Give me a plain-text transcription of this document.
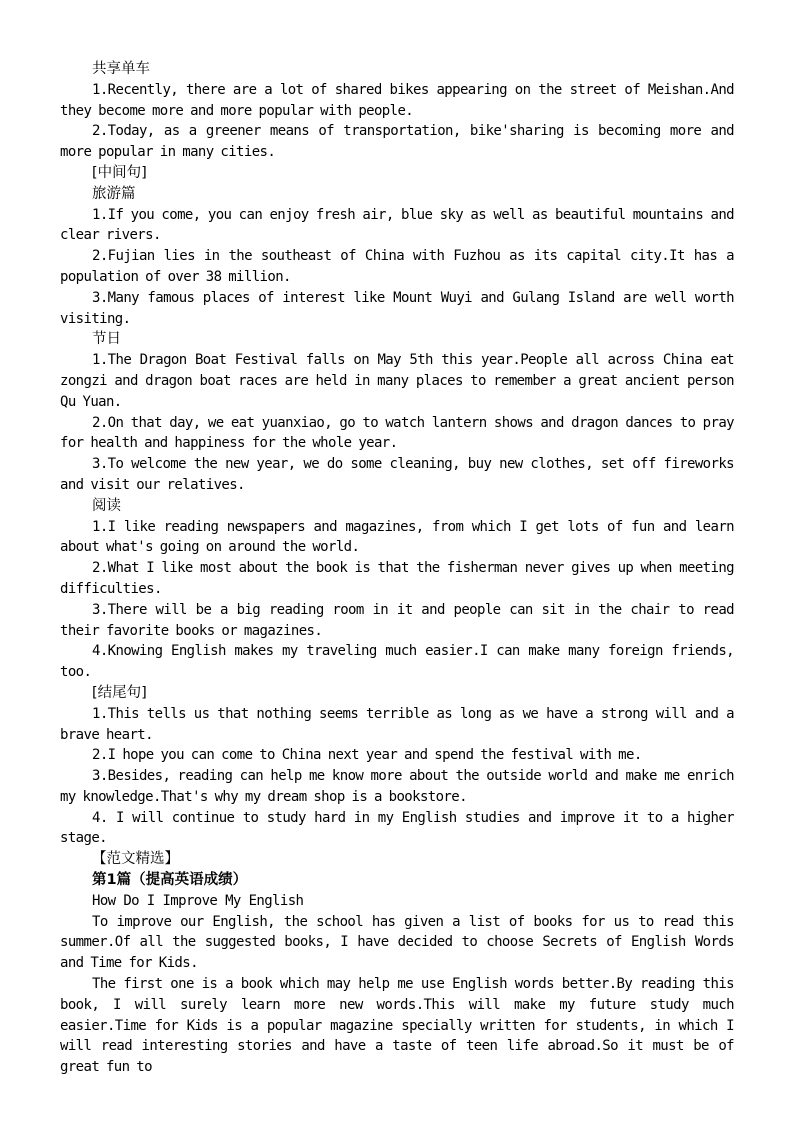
共享单车

1.Recently, there are a lot of shared bikes appearing on the street of Meishan.And they become more and more popular with people.

2.Today, as a greener means of transportation, bike'sharing is becoming more and more popular in many cities.

[中间句]

旅游篇

1.If you come, you can enjoy fresh air, blue sky as well as beautiful mountains and clear rivers.

2.Fujian lies in the southeast of China with Fuzhou as its capital city.It has a population of over 38 million.

3.Many famous places of interest like Mount Wuyi and Gulang Island are well worth visiting.

节日

1.The Dragon Boat Festival falls on May 5th this year.People all across China eat zongzi and dragon boat races are held in many places to remember a great ancient person Qu Yuan.

2.On that day, we eat yuanxiao, go to watch lantern shows and dragon dances to pray for health and happiness for the whole year.

3.To welcome the new year, we do some cleaning, buy new clothes, set off fireworks and visit our relatives.

阅读

1.I like reading newspapers and magazines, from which I get lots of fun and learn about what's going on around the world.

2.What I like most about the book is that the fisherman never gives up when meeting difficulties.

3.There will be a big reading room in it and people can sit in the chair to read their favorite books or magazines.

4.Knowing English makes my traveling much easier.I can make many foreign friends, too.

[结尾句]

1.This tells us that nothing seems terrible as long as we have a strong will and a brave heart.

2.I hope you can come to China next year and spend the festival with me.

3.Besides, reading can help me know more about the outside world and make me enrich my knowledge.That's why my dream shop is a bookstore.

4. I will continue to study hard in my English studies and improve it to a higher stage.

【范文精选】

第1篇（提高英语成绩）

How Do I Improve My English

To improve our English, the school has given a list of books for us to read this summer.Of all the suggested books, I have decided to choose Secrets of English Words and Time for Kids.

The first one is a book which may help me use English words better.By reading this book, I will surely learn more new words.This will make my future study much easier.Time for Kids is a popular magazine specially written for students, in which I will read interesting stories and have a taste of teen life abroad.So it must be of great fun to
